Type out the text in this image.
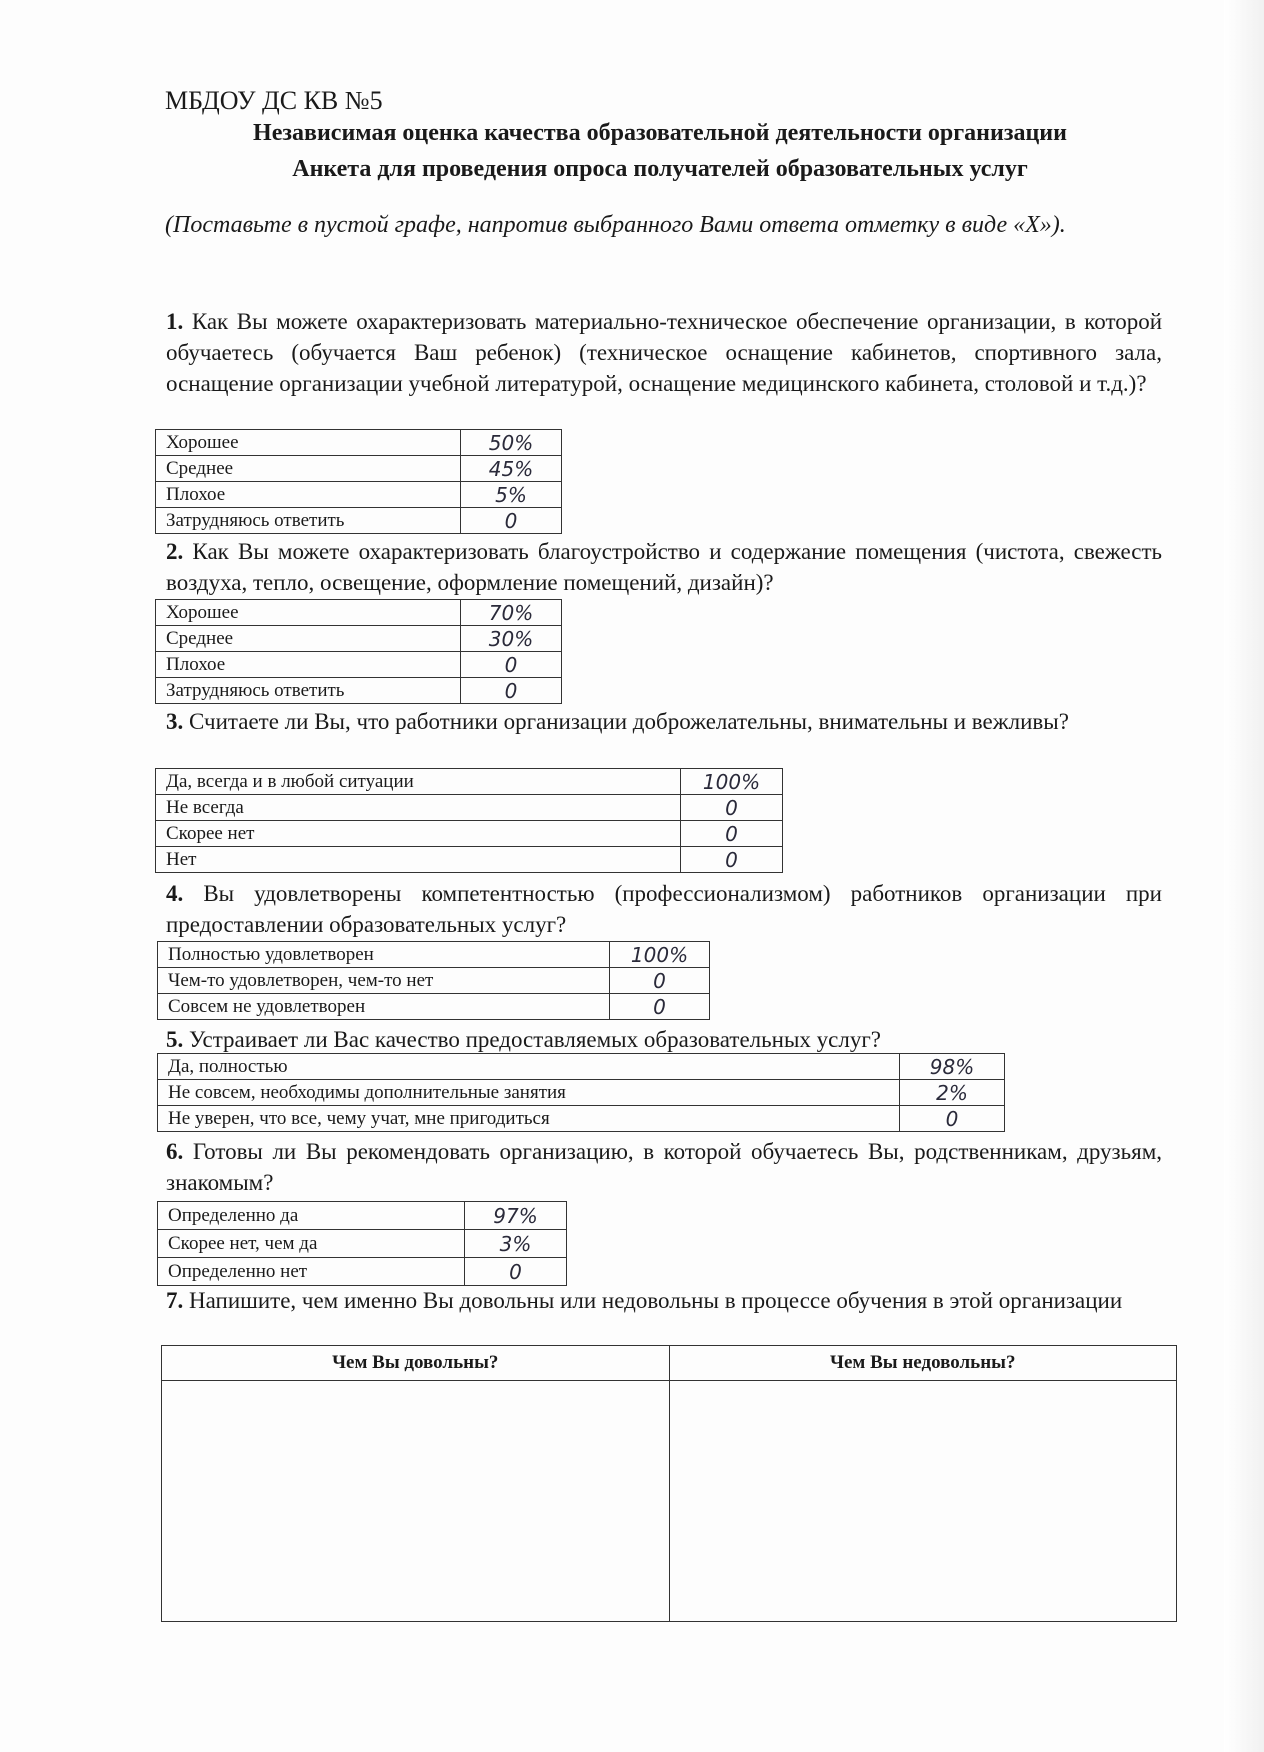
МБДОУ ДС КВ №5
Независимая оценка качества образовательной деятельности организации
Анкета для проведения опроса получателей образовательных услуг
(Поставьте в пустой графе, напротив выбранного Вами ответа отметку в виде «Х»).
1. Как Вы можете охарактеризовать материально-техническое обеспечение организации, в которой обучаетесь (обучается Ваш ребенок) (техническое оснащение кабинетов, спортивного зала, оснащение организации учебной литературой, оснащение медицинского кабинета, столовой и т.д.)?
Хорошее	50%
Среднее	45%
Плохое	5%
Затрудняюсь ответить	0
2. Как Вы можете охарактеризовать благоустройство и содержание помещения (чистота, свежесть воздуха, тепло, освещение, оформление помещений, дизайн)?
Хорошее	70%
Среднее	30%
Плохое	0
Затрудняюсь ответить	0
3. Считаете ли Вы, что работники организации доброжелательны, внимательны и вежливы?
Да, всегда и в любой ситуации	100%
Не всегда	0
Скорее нет	0
Нет	0
4. Вы удовлетворены компетентностью (профессионализмом) работников организации при предоставлении образовательных услуг?
Полностью удовлетворен	100%
Чем-то удовлетворен, чем-то нет	0
Совсем не удовлетворен	0
5. Устраивает ли Вас качество предоставляемых образовательных услуг?
Да, полностью	98%
Не совсем, необходимы дополнительные занятия	2%
Не уверен, что все, чему учат, мне пригодиться	0
6. Готовы ли Вы рекомендовать организацию, в которой обучаетесь Вы, родственникам, друзьям, знакомым?
Определенно да	97%
Скорее нет, чем да	3%
Определенно нет	0
7. Напишите, чем именно Вы довольны или недовольны в процессе обучения в этой организации
Чем Вы довольны?	Чем Вы недовольны?
